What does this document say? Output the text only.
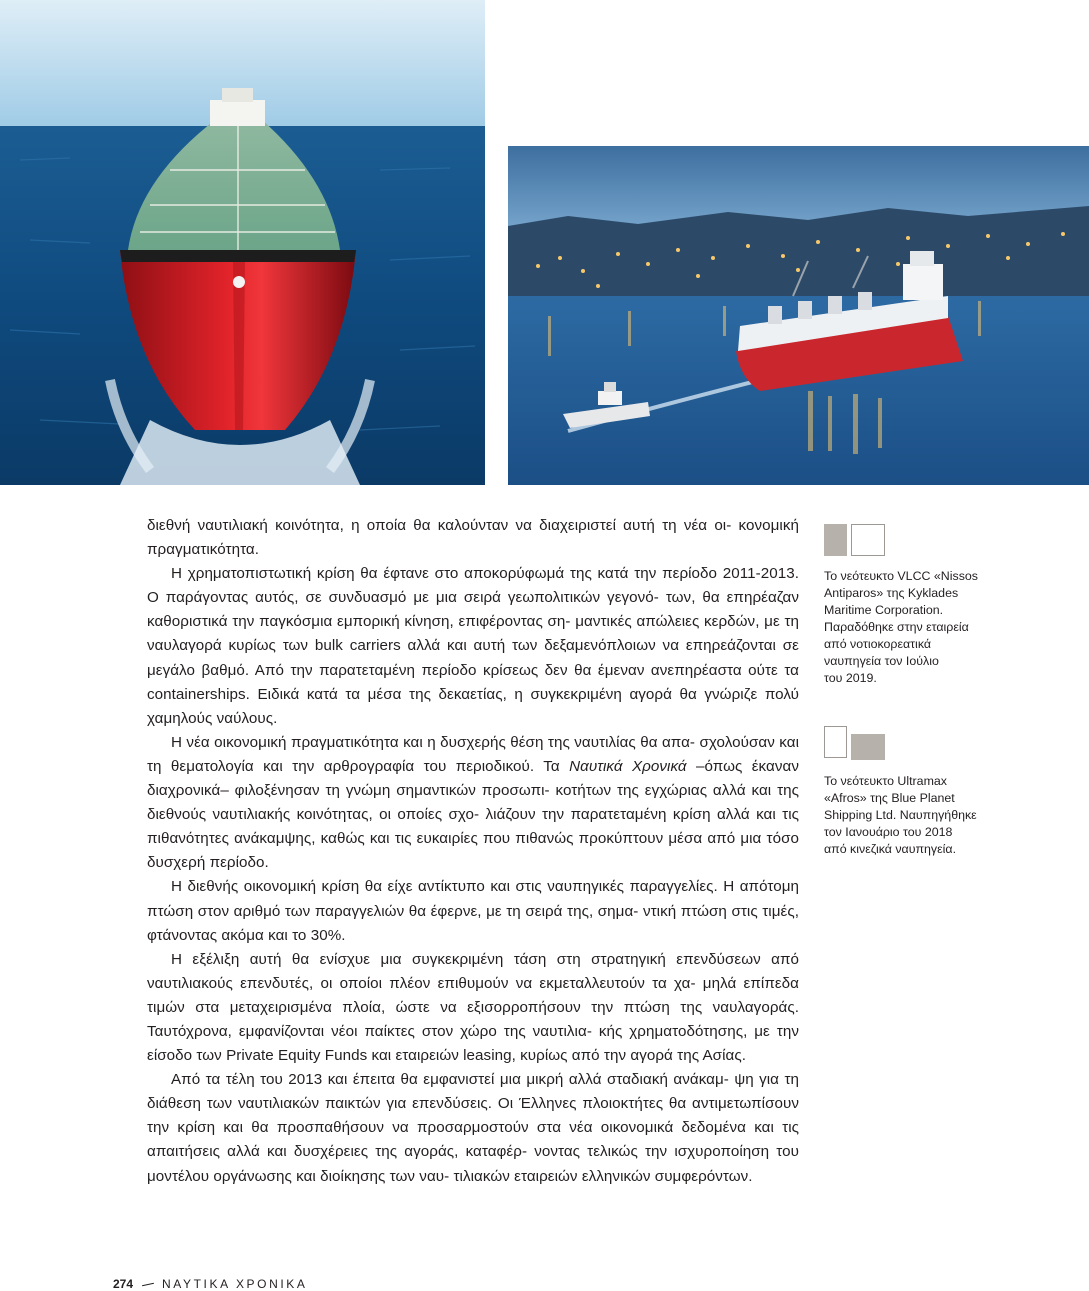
διεθνή ναυτιλιακή κοινότητα, η οποία θα καλούνταν να διαχειριστεί αυτή τη νέα οι- κονομική πραγματικότητα.

Η χρηματοπιστωτική κρίση θα έφτανε στο αποκορύφωμά της κατά την περίοδο 2011-2013. Ο παράγοντας αυτός, σε συνδυασμό με μια σειρά γεωπολιτικών γεγονό- των, θα επηρέαζαν καθοριστικά την παγκόσμια εμπορική κίνηση, επιφέροντας ση- μαντικές απώλειες κερδών, με τη ναυλαγορά κυρίως των bulk carriers αλλά και αυτή των δεξαμενόπλοιων να επηρεάζονται σε μεγάλο βαθμό. Από την παρατεταμένη περίοδο κρίσεως δεν θα έμεναν ανεπηρέαστα ούτε τα containerships. Ειδικά κατά τα μέσα της δεκαετίας, η συγκεκριμένη αγορά θα γνώριζε πολύ χαμηλούς ναύλους.

Η νέα οικονομική πραγματικότητα και η δυσχερής θέση της ναυτιλίας θα απα- σχολούσαν και τη θεματολογία και την αρθρογραφία του περιοδικού. Τα Ναυτικά Χρονικά –όπως έκαναν διαχρονικά– φιλοξένησαν τη γνώμη σημαντικών προσωπι- κοτήτων της εγχώριας αλλά και της διεθνούς ναυτιλιακής κοινότητας, οι οποίες σχο- λιάζουν την παρατεταμένη κρίση αλλά και τις πιθανότητες ανάκαμψης, καθώς και τις ευκαιρίες που πιθανώς προκύπτουν μέσα από μια τόσο δυσχερή περίοδο.

Η διεθνής οικονομική κρίση θα είχε αντίκτυπο και στις ναυπηγικές παραγγελίες. Η απότομη πτώση στον αριθμό των παραγγελιών θα έφερνε, με τη σειρά της, σημα- ντική πτώση στις τιμές, φτάνοντας ακόμα και το 30%.

Η εξέλιξη αυτή θα ενίσχυε μια συγκεκριμένη τάση στη στρατηγική επενδύσεων από ναυτιλιακούς επενδυτές, οι οποίοι πλέον επιθυμούν να εκμεταλλευτούν τα χα- μηλά επίπεδα τιμών στα μεταχειρισμένα πλοία, ώστε να εξισορροπήσουν την πτώση της ναυλαγοράς. Ταυτόχρονα, εμφανίζονται νέοι παίκτες στον χώρο της ναυτιλια- κής χρηματοδότησης, με την είσοδο των Private Equity Funds και εταιρειών leasing, κυρίως από την αγορά της Ασίας.

Από τα τέλη του 2013 και έπειτα θα εμφανιστεί μια μικρή αλλά σταδιακή ανάκαμ- ψη για τη διάθεση των ναυτιλιακών παικτών για επενδύσεις. Οι Έλληνες πλοιοκτήτες θα αντιμετωπίσουν την κρίση και θα προσπαθήσουν να προσαρμοστούν στα νέα οικονομικά δεδομένα και τις απαιτήσεις αλλά και δυσχέρειες της αγοράς, καταφέρ- νοντας τελικώς την ισχυροποίηση του μοντέλου οργάνωσης και διοίκησης των ναυ- τιλιακών εταιρειών ελληνικών συμφερόντων.

Το νεότευκτο VLCC «Nissos
Antiparos» της Kyklades
Maritime Corporation.
Παραδόθηκε στην εταιρεία
από νοτιοκορεατικά
ναυπηγεία τον Ιούλιο
του 2019.
Το νεότευκτο Ultramax
«Afros» της Blue Planet
Shipping Ltd. Ναυπηγήθηκε
τον Ιανουάριο του 2018
από κινεζικά ναυπηγεία.
274 ΝΑΥΤΙΚΑ ΧΡΟΝΙΚΑ
